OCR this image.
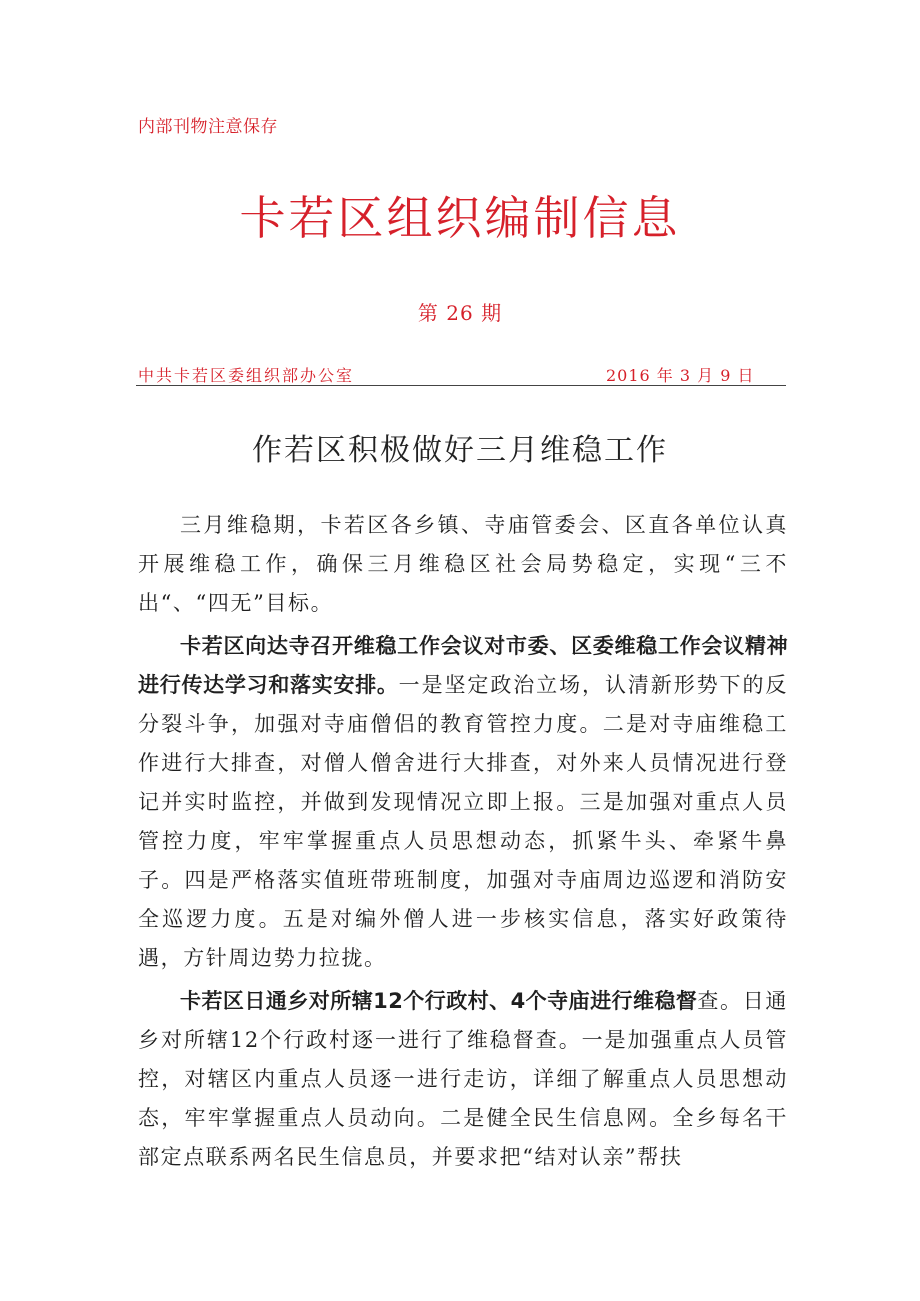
内部刊物注意保存
卡若区组织编制信息
第 26 期
中共卡若区委组织部办公室	2016 年 3 月 9 日
作若区积极做好三月维稳工作

三月维稳期，卡若区各乡镇、寺庙管委会、区直各单位认真开展维稳工作，确保三月维稳区社会局势稳定，实现“三不出“、“四无”目标。

卡若区向达寺召开维稳工作会议对市委、区委维稳工作会议精神进行传达学习和落实安排。一是坚定政治立场，认清新形势下的反分裂斗争，加强对寺庙僧侣的教育管控力度。二是对寺庙维稳工作进行大排查，对僧人僧舍进行大排查，对外来人员情况进行登记并实时监控，并做到发现情况立即上报。三是加强对重点人员管控力度，牢牢掌握重点人员思想动态，抓紧牛头、牵紧牛鼻子。四是严格落实值班带班制度，加强对寺庙周边巡逻和消防安全巡逻力度。五是对编外僧人进一步核实信息，落实好政策待遇，方针周边势力拉拢。

卡若区日通乡对所辖12个行政村、4个寺庙进行维稳督查。日通乡对所辖12个行政村逐一进行了维稳督查。一是加强重点人员管控，对辖区内重点人员逐一进行走访，详细了解重点人员思想动态，牢牢掌握重点人员动向。二是健全民生信息网。全乡每名干部定点联系两名民生信息员，并要求把“结对认亲”帮扶
